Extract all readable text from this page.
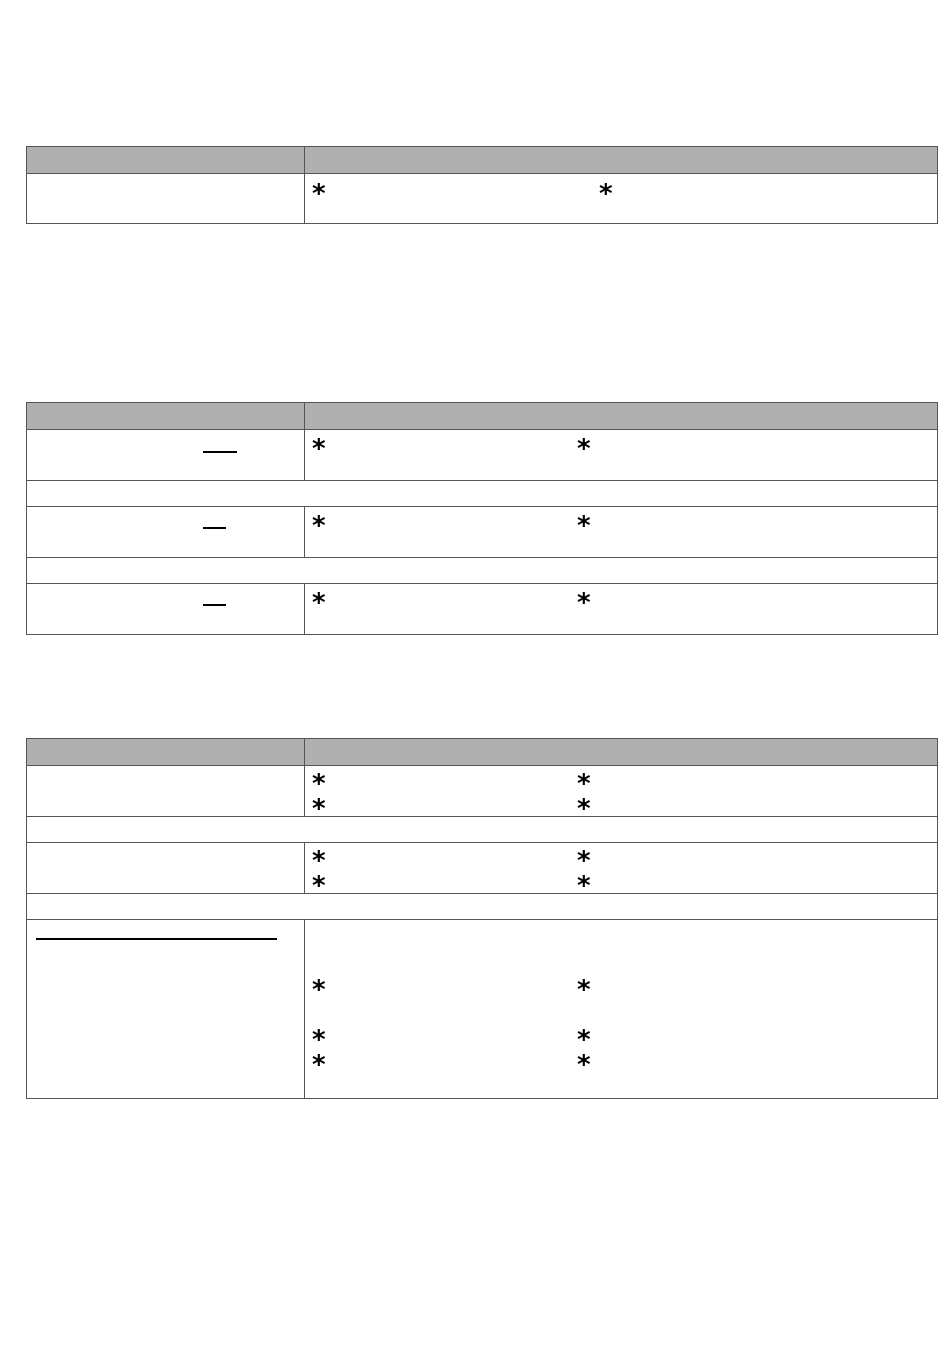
*	*
*	*
*	*
*	*
*	*
*	*
*	*
*	*
*	*
*	*
*	*
